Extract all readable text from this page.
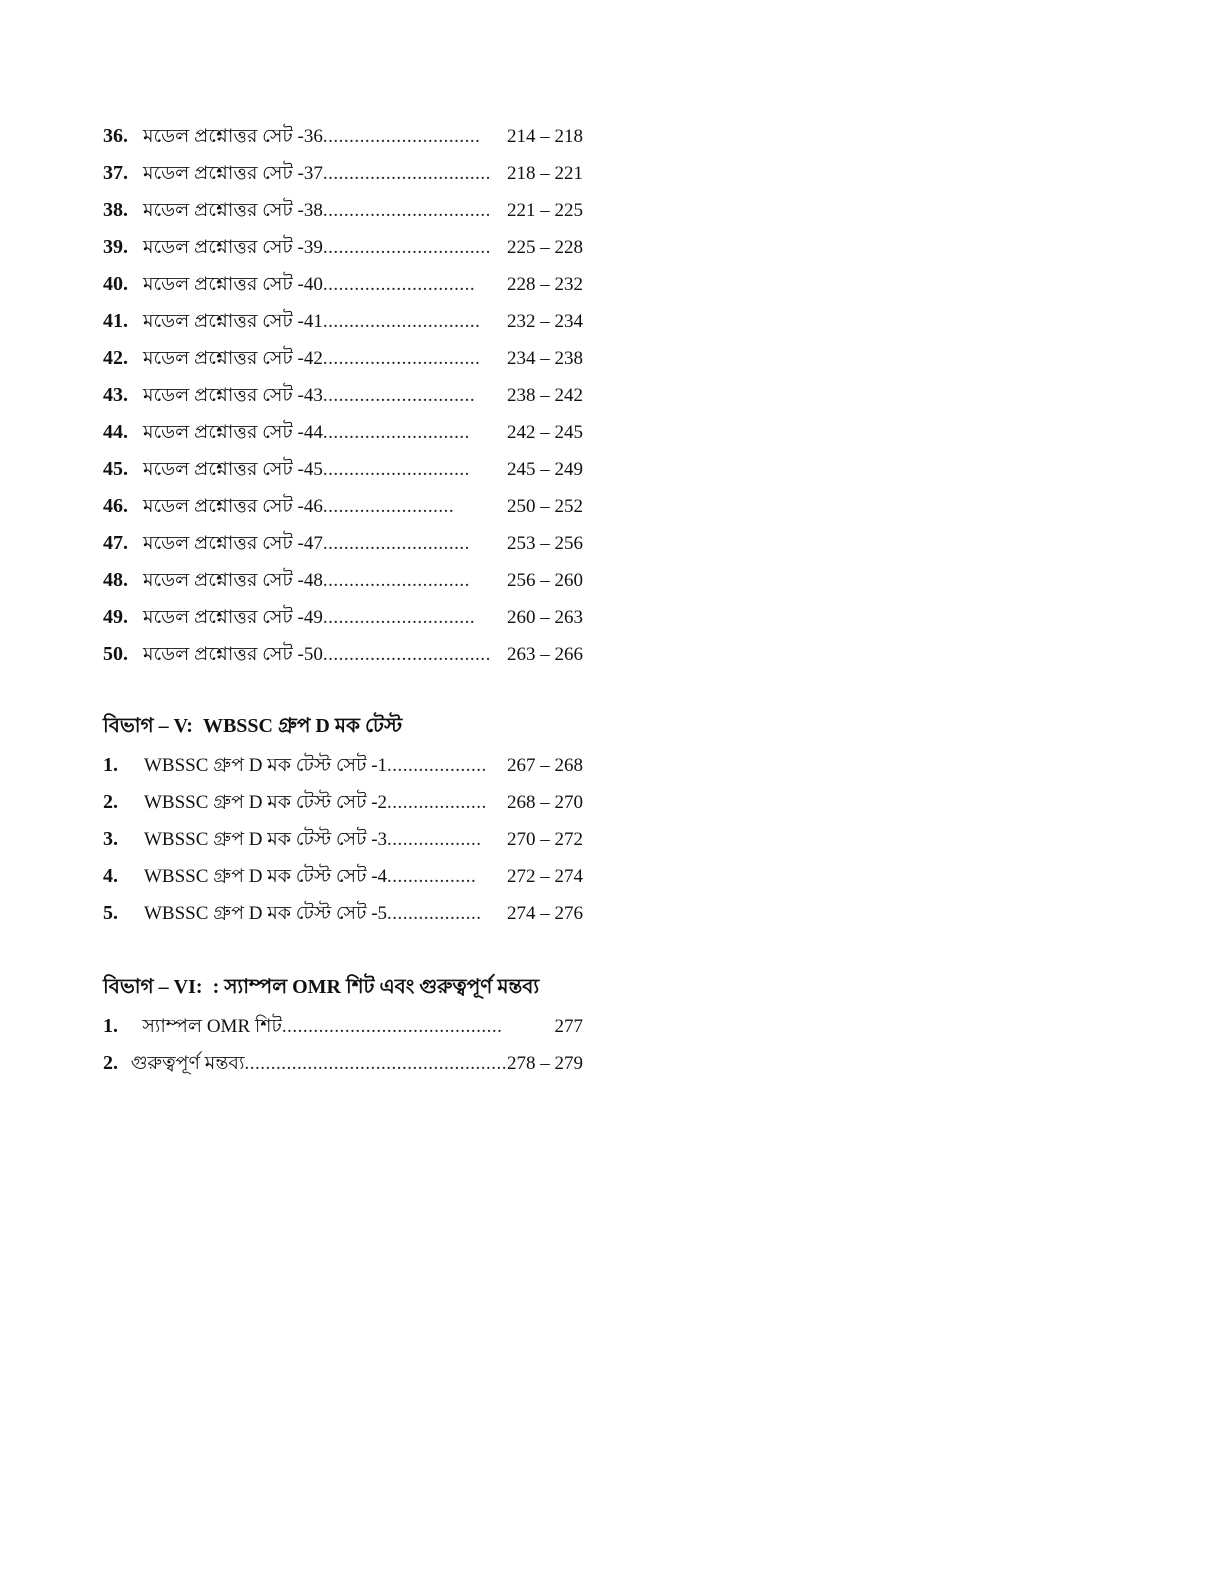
36. মডেল প্রশ্নোত্তর সেট -36 ..............................	214 – 218
37. মডেল প্রশ্নোত্তর সেট -37 ................................ 218 – 221
38. মডেল প্রশ্নোত্তর সেট -38 ................................ 221 – 225
39. মডেল প্রশ্নোত্তর সেট -39 ................................ 225 – 228
40. মডেল প্রশ্নোত্তর সেট -40 .............................	228 – 232
41. মডেল প্রশ্নোত্তর সেট -41 ..............................	232 – 234
42. মডেল প্রশ্নোত্তর সেট -42 ..............................	234 – 238
43. মডেল প্রশ্নোত্তর সেট -43 .............................	238 – 242
44. মডেল প্রশ্নোত্তর সেট -44 ............................	242 – 245
45. মডেল প্রশ্নোত্তর সেট -45 ............................	245 – 249
46. মডেল প্রশ্নোত্তর সেট -46 .........................	250 – 252
47. মডেল প্রশ্নোত্তর সেট -47 ............................	253 – 256
48. মডেল প্রশ্নোত্তর সেট -48 ............................	256 – 260
49. মডেল প্রশ্নোত্তর সেট -49 .............................	260 – 263
50. মডেল প্রশ্নোত্তর সেট -50 ................................ 263 – 266
বিভাগ – V: WBSSC গ্রুপ D মক টেস্ট
1.	WBSSC গ্রুপ D মক টেস্ট সেট -1 ...................	267 – 268
2.	WBSSC গ্রুপ D মক টেস্ট সেট -2 ...................	268 – 270
3.	WBSSC গ্রুপ D মক টেস্ট সেট -3 ..................	270 – 272
4.	WBSSC গ্রুপ D মক টেস্ট সেট -4 .................	272 – 274
5.	WBSSC গ্রুপ D মক টেস্ট সেট -5 ..................	274 – 276
বিভাগ – VI: : স্যাম্পল OMR শিট এবং গুরুত্বপূর্ণ মন্তব্য
1.	স্যাম্পল OMR শিট ..........................................	277
2. গুরুত্বপূর্ণ মন্তব্য .................................................. 278 – 279
